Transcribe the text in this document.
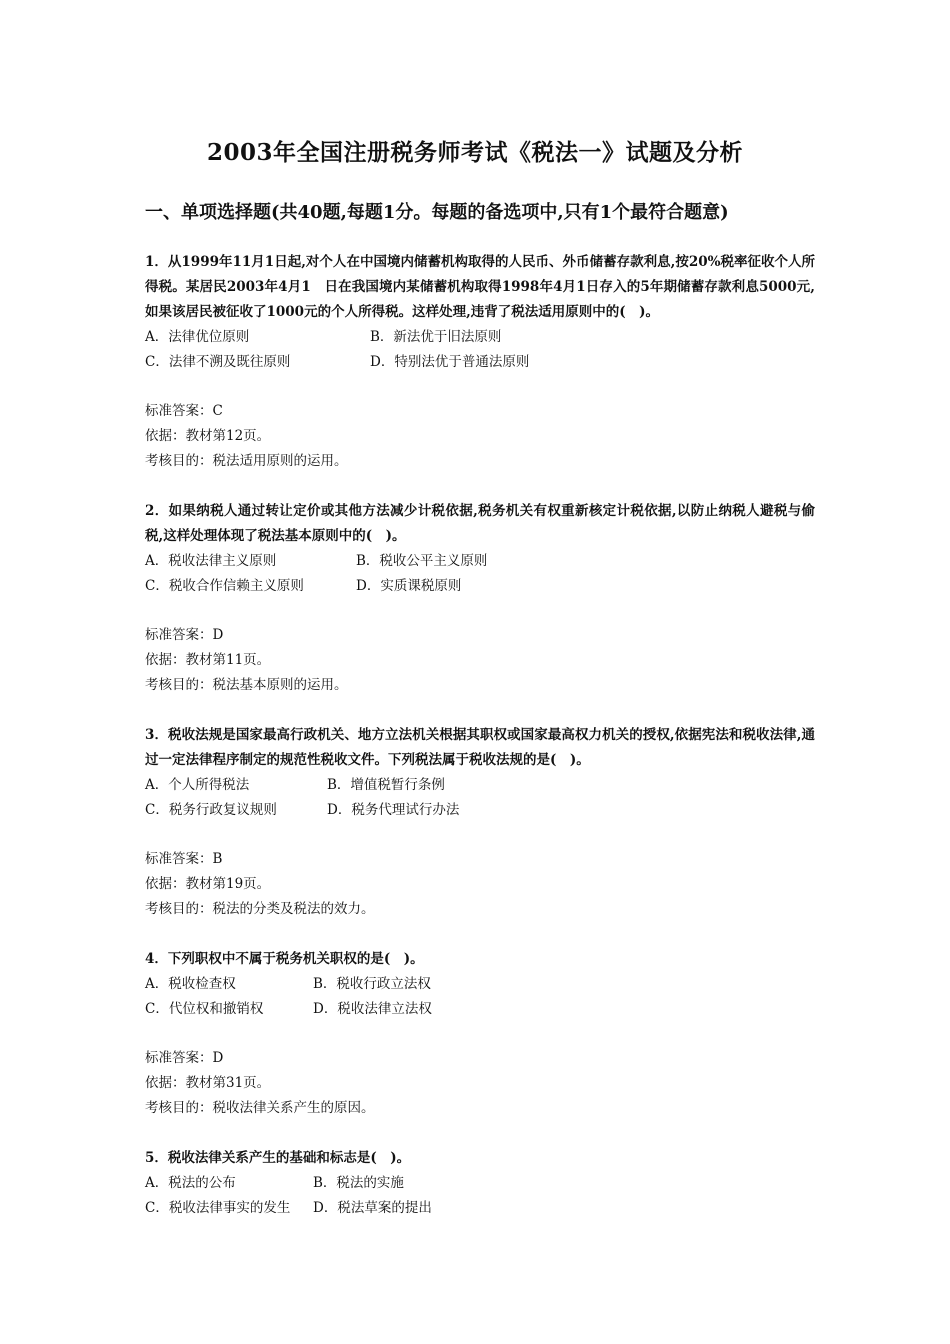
2003年全国注册税务师考试《税法一》试题及分析
一、单项选择题(共40题,每题1分。每题的备选项中,只有1个最符合题意)
1．从1999年11月1日起,对个人在中国境内储蓄机构取得的人民币、外币储蓄存款利息,按20%税率征收个人所得税。某居民2003年4月1　日在我国境内某储蓄机构取得1998年4月1日存入的5年期储蓄存款利息5000元,如果该居民被征收了1000元的个人所得税。这样处理,违背了税法适用原则中的(　)。
A．法律优位原则	B．新法优于旧法原则
C．法律不溯及既往原则	D．特别法优于普通法原则
标准答案：C
依据：教材第12页。
考核目的：税法适用原则的运用。
2．如果纳税人通过转让定价或其他方法减少计税依据,税务机关有权重新核定计税依据,以防止纳税人避税与偷税,这样处理体现了税法基本原则中的(　)。
A．税收法律主义原则	B．税收公平主义原则
C．税收合作信赖主义原则	D．实质课税原则
标准答案：D
依据：教材第11页。
考核目的：税法基本原则的运用。
3．税收法规是国家最高行政机关、地方立法机关根据其职权或国家最高权力机关的授权,依据宪法和税收法律,通过一定法律程序制定的规范性税收文件。下列税法属于税收法规的是(　)。
A．个人所得税法	B．增值税暂行条例
C．税务行政复议规则	D．税务代理试行办法
标准答案：B
依据：教材第19页。
考核目的：税法的分类及税法的效力。
4．下列职权中不属于税务机关职权的是(　)。
A．税收检查权	B．税收行政立法权
C．代位权和撤销权	D．税收法律立法权
标准答案：D
依据：教材第31页。
考核目的：税收法律关系产生的原因。
5．税收法律关系产生的基础和标志是(　)。
A．税法的公布	B．税法的实施
C．税收法律事实的发生	D．税法草案的提出
